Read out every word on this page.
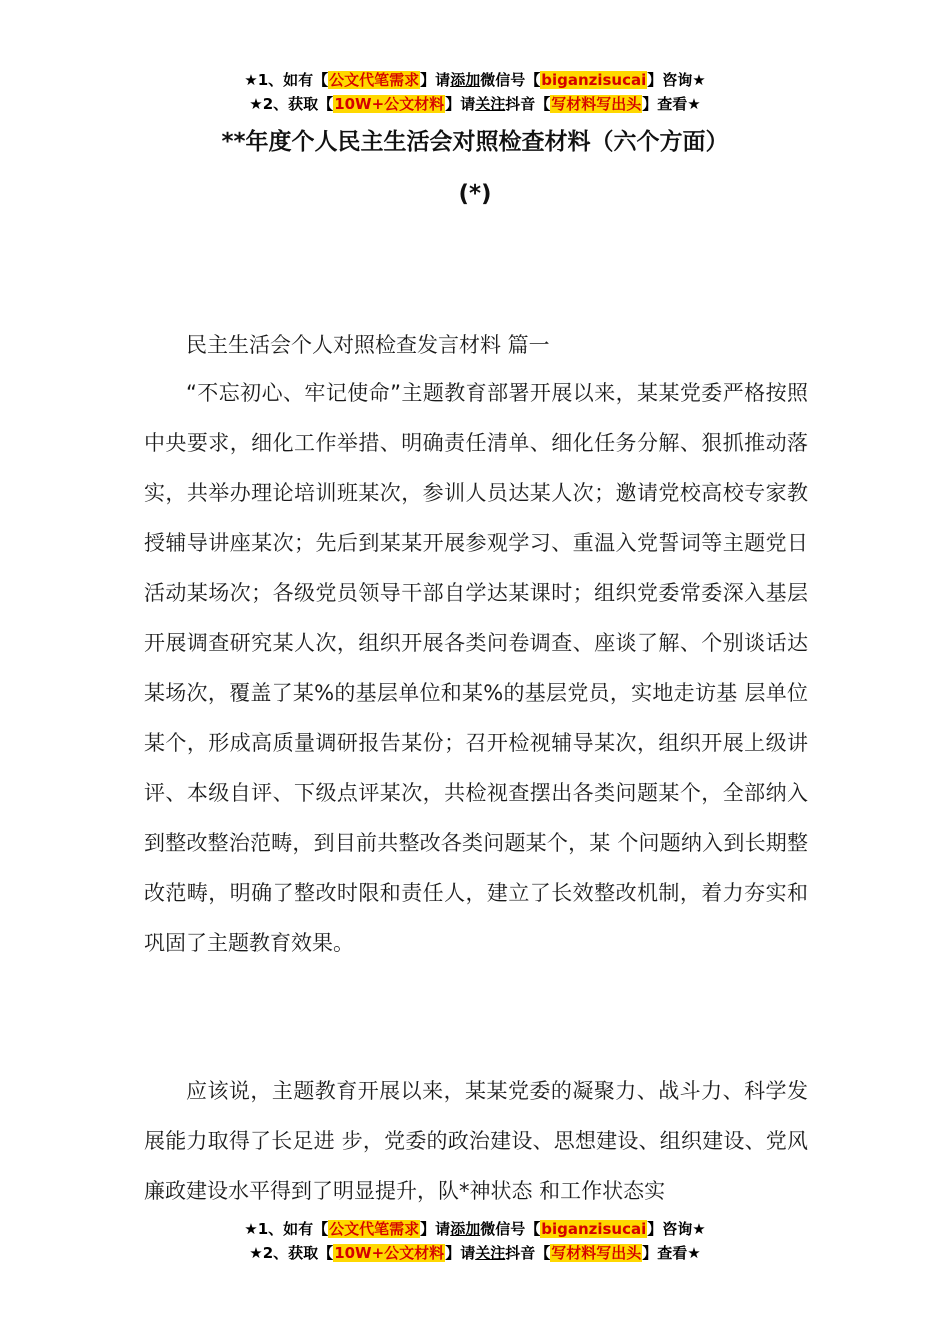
★1、如有【公文代笔需求】请添加微信号【biganzisucai】咨询★
★2、获取【10W+公文材料】请关注抖音【写材料写出头】查看★
**年度个人民主生活会对照检查材料（六个方面）
(*)

民主生活会个人对照检查发言材料 篇一

“不忘初心、牢记使命”主题教育部署开展以来，某某党委严格按照中央要求，细化工作举措、明确责任清单、细化任务分解、狠抓推动落实，共举办理论培训班某次，参训人员达某人次；邀请党校高校专家教授辅导讲座某次；先后到某某开展参观学习、重温入党誓词等主题党日活动某场次；各级党员领导干部自学达某课时；组织党委常委深入基层开展调查研究某人次，组织开展各类问卷调查、座谈了解、个别谈话达某场次，覆盖了某%的基层单位和某%的基层党员，实地走访基 层单位某个，形成高质量调研报告某份；召开检视辅导某次，组织开展上级讲评、本级自评、下级点评某次，共检视查摆出各类问题某个，全部纳入到整改整治范畴，到目前共整改各类问题某个，某 个问题纳入到长期整改范畴，明确了整改时限和责任人，建立了长效整改机制，着力夯实和巩固了主题教育效果。

应该说，主题教育开展以来，某某党委的凝聚力、战斗力、科学发展能力取得了长足进 步，党委的政治建设、思想建设、组织建设、党风廉政建设水平得到了明显提升，队*神状态 和工作状态实

★1、如有【公文代笔需求】请添加微信号【biganzisucai】咨询★
★2、获取【10W+公文材料】请关注抖音【写材料写出头】查看★
